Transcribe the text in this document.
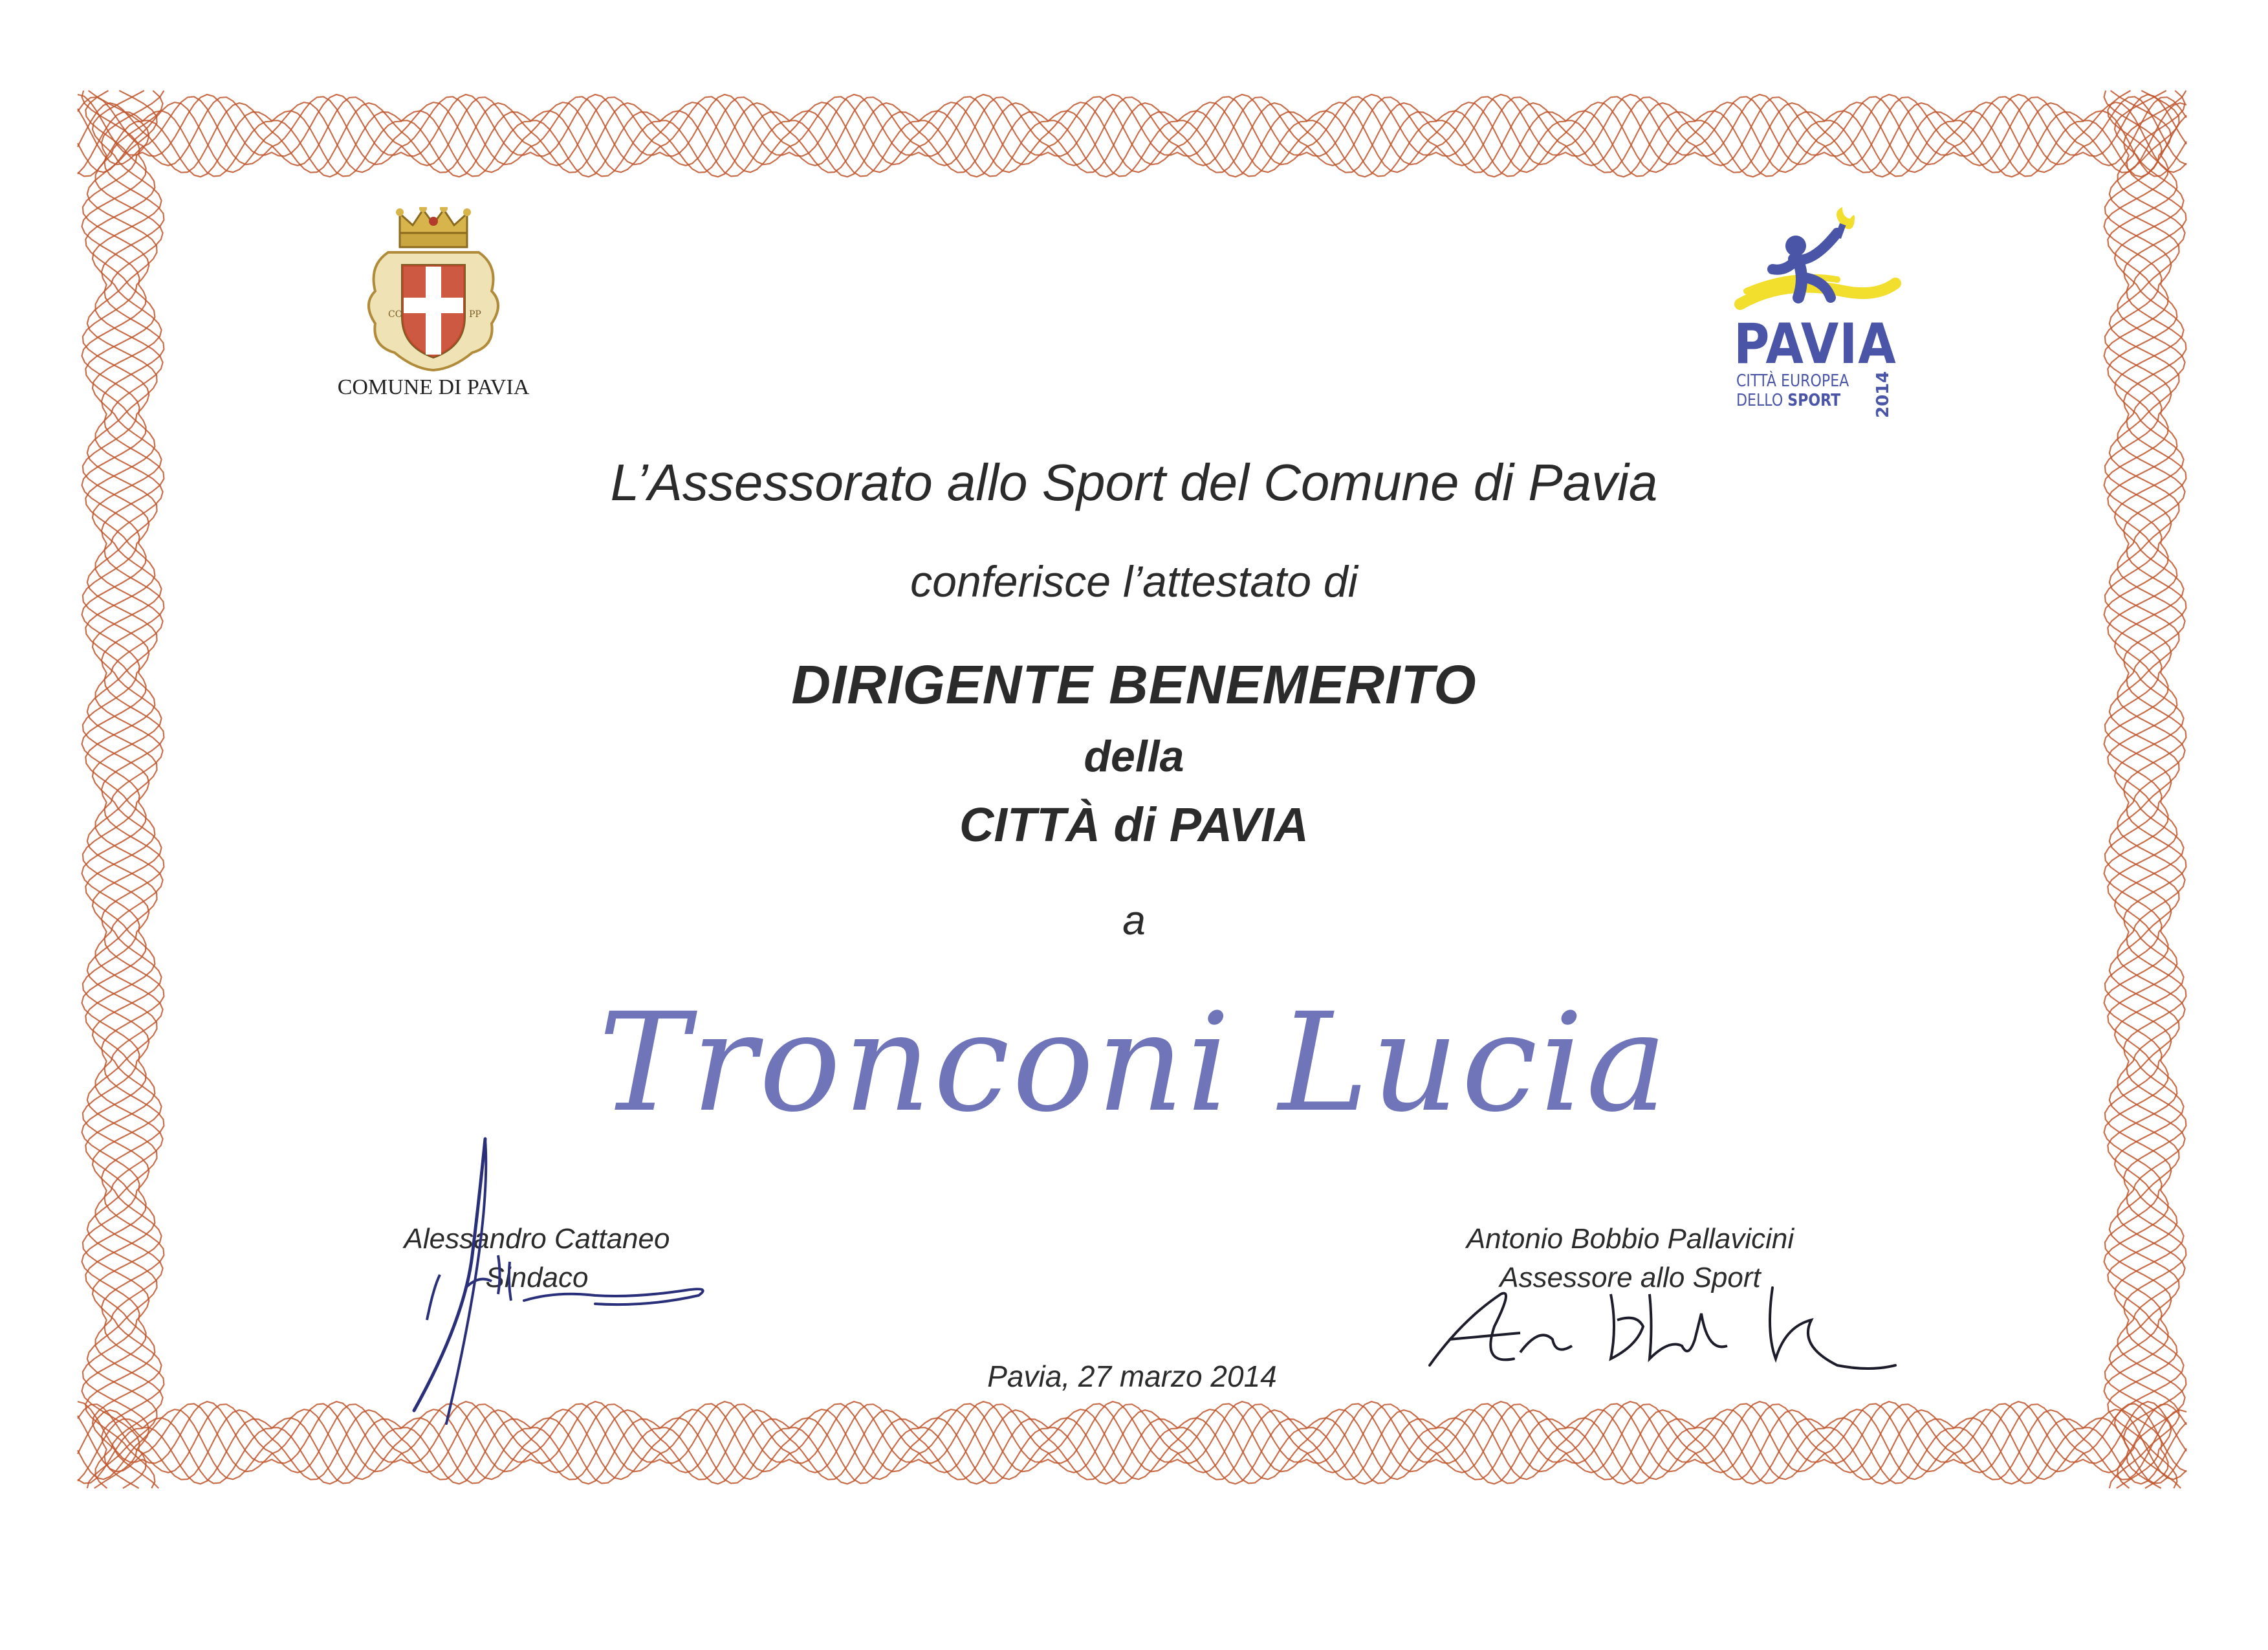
CO	PP
COMUNE DI PAVIA
PAVIA
CITTÀ EUROPEA
DELLO SPORT 2014
L’Assessorato allo Sport del Comune di Pavia
conferisce l’attestato di
DIRIGENTE BENEMERITO
della
CITTÀ di PAVIA
a
Tronconi Lucia
Alessandro Cattaneo
Sindaco
Antonio Bobbio Pallavicini
Assessore allo Sport
Pavia, 27 marzo 2014
